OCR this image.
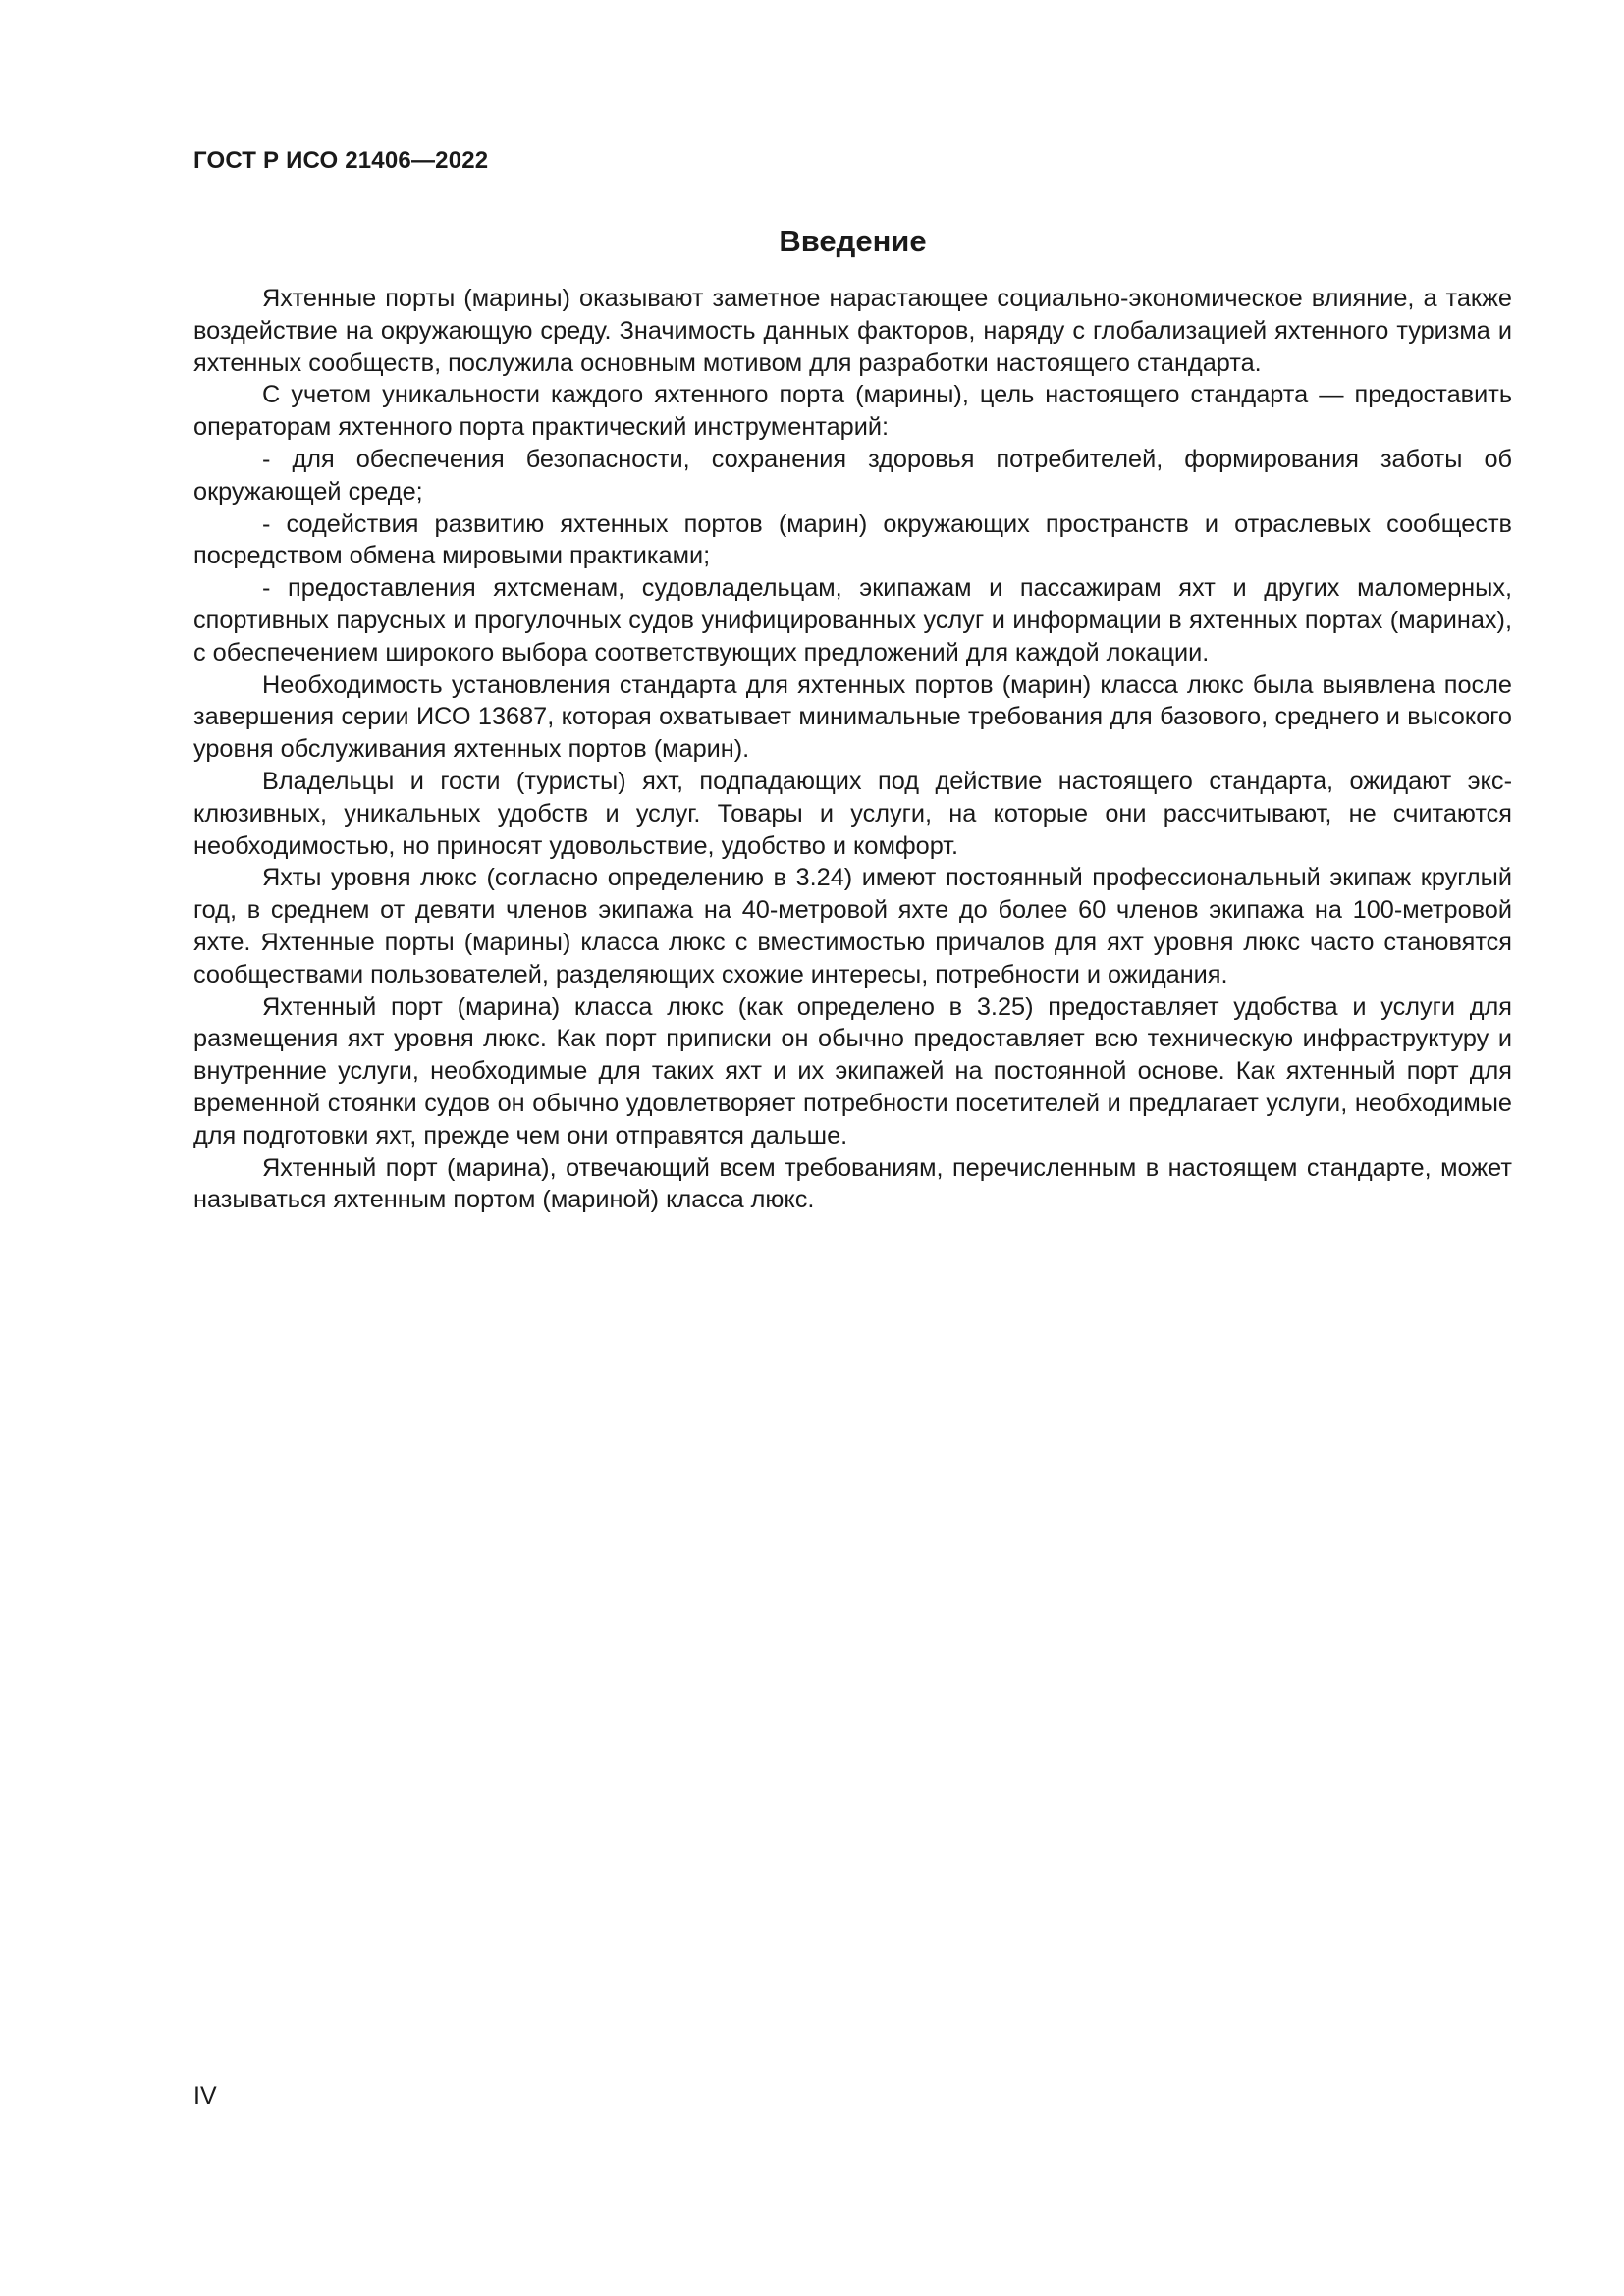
ГОСТ Р ИСО 21406—2022
Введение

Яхтенные порты (марины) оказывают заметное нарастающее социально-экономическое влияние, а также воздействие на окружающую среду. Значимость данных факторов, наряду с глобализацией яхтенного туризма и яхтенных сообществ, послужила основным мотивом для разработки настоящего стандарта.

С учетом уникальности каждого яхтенного порта (марины), цель настоящего стандарта — предоставить операторам яхтенного порта практический инструментарий:

- для обеспечения безопасности, сохранения здоровья потребителей, формирования заботы об окружающей среде;

- содействия развитию яхтенных портов (марин) окружающих пространств и отраслевых сообществ посредством обмена мировыми практиками;

- предоставления яхтсменам, судовладельцам, экипажам и пассажирам яхт и других маломерных, спортивных парусных и прогулочных судов унифицированных услуг и информации в яхтенных портах (маринах), с обеспечением широкого выбора соответствующих предложений для каждой локации.

Необходимость установления стандарта для яхтенных портов (марин) класса люкс была выявлена после завершения серии ИСО 13687, которая охватывает минимальные требования для базового, среднего и высокого уровня обслуживания яхтенных портов (марин).

Владельцы и гости (туристы) яхт, подпадающих под действие настоящего стандарта, ожидают эксклюзивных, уникальных удобств и услуг. Товары и услуги, на которые они рассчитывают, не считаются необходимостью, но приносят удовольствие, удобство и комфорт.

Яхты уровня люкс (согласно определению в 3.24) имеют постоянный профессиональный экипаж круглый год, в среднем от девяти членов экипажа на 40-метровой яхте до более 60 членов экипажа на 100-метровой яхте. Яхтенные порты (марины) класса люкс с вместимостью причалов для яхт уровня люкс часто становятся сообществами пользователей, разделяющих схожие интересы, потребности и ожидания.

Яхтенный порт (марина) класса люкс (как определено в 3.25) предоставляет удобства и услуги для размещения яхт уровня люкс. Как порт приписки он обычно предоставляет всю техническую инфраструктуру и внутренние услуги, необходимые для таких яхт и их экипажей на постоянной основе. Как яхтенный порт для временной стоянки судов он обычно удовлетворяет потребности посетителей и предлагает услуги, необходимые для подготовки яхт, прежде чем они отправятся дальше.

Яхтенный порт (марина), отвечающий всем требованиям, перечисленным в настоящем стандарте, может называться яхтенным портом (мариной) класса люкс.

IV
